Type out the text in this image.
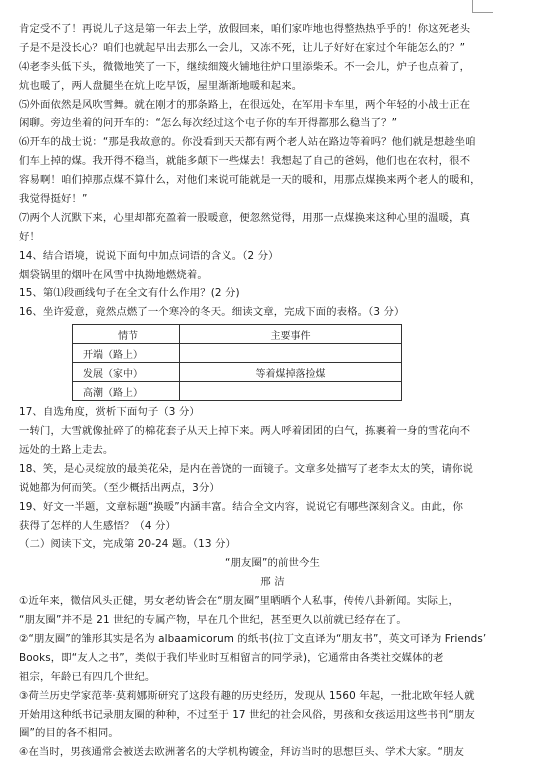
肯定受不了！再说儿子这是第一年去上学，放假回来，咱们家咋地也得整热热乎乎的！你这死老头
子是不是没长心？咱们也就起早出去那么一会儿，又冻不死，让儿子好好在家过个年能怎么的？”
⑷老李头低下头，微微地笑了一下，继续细篾火铺地往炉口里添柴禾。不一会儿，炉子也点着了，
炕也暖了，两人盘腿坐在炕上吃早饭，屋里渐渐地暖和起来。
⑸外面依然是风吹雪舞。就在刚才的那条路上，在很远处，在军用卡车里，两个年轻的小战士正在
闲聊。旁边坐着的问开车的：“怎么每次经过这个屯子你的车开得都那么稳当了？”
⑹开车的战士说：“那是我故意的。你没看到天天都有两个老人站在路边等着吗？他们就是想趁坐咱
们车上掉的煤。我开得不稳当，就能多颠下一些煤去！我想起了自己的爸妈，他们也在农村，很不
容易啊！咱们掉那点煤不算什么，对他们来说可能就是一天的暖和，用那点煤换来两个老人的暖和，
我觉得挺好！”
⑺两个人沉默下来，心里却都充盈着一股暖意，便忽然觉得，用那一点煤换来这种心里的温暖，真
好！
14、结合语境，说说下面句中加点词语的含义。（2 分）
烟袋锅里的烟叶在风雪中执拗地燃烧着。
15、第⑴段画线句子在全文有什么作用？(2 分)
16、坐许爱意，竟然点燃了一个寒冷的冬天。细读文章，完成下面的表格。（3 分）
情节	主要事件
开端（路上）	
发展（家中）	等着煤掉落捡煤
高潮（路上）	
17、自选角度，赏析下面句子（3 分）
一转门，大雪就像扯碎了的棉花套子从天上掉下来。两人呼着团团的白气，拣裹着一身的雪花向不
远处的土路上走去。
18、笑，是心灵绽放的最美花朵，是内在善饶的一面镜子。文章多处描写了老李太太的笑，请你说
说她都为何而笑。（至少概括出两点，3分）
19、好文一半题，文章标题“换暖”内涵丰富。结合全文内容，说说它有哪些深刻含义。由此，你
获得了怎样的人生感悟？（4 分）
（二）阅读下文，完成第 20-24 题。（13 分）
“朋友圈”的前世今生
邢 洁
①近年来，微信风头正健，男女老幼皆会在“朋友圈”里晒晒个人私事，传传八卦新闻。实际上，
“朋友圈”并不是 21 世纪的专属产物，早在几个世纪，甚至更久以前就已经存在了。
②“朋友圈”的雏形其实是名为 albaamicorum 的纸书(拉丁文直译为“朋友书”，英文可译为 Friends’
Books，即“友人之书”，类似于我们毕业时互相留言的同学录)，它通常由各类社交媒体的老
祖宗，年龄已有四几个世纪。
③荷兰历史学家范莘·莫莉娜斯研究了这段有趣的历史经历，发现从 1560 年起，一批北欧年轻人就
开始用这种纸书记录朋友圈的种种，不过至于 17 世纪的社会风俗，男孩和女孩运用这些书刊“朋友
圈”的目的各不相同。
④在当时，男孩通常会被送去欧洲著名的大学机构镀金，拜访当时的思想巨头、学术大家。“朋友
